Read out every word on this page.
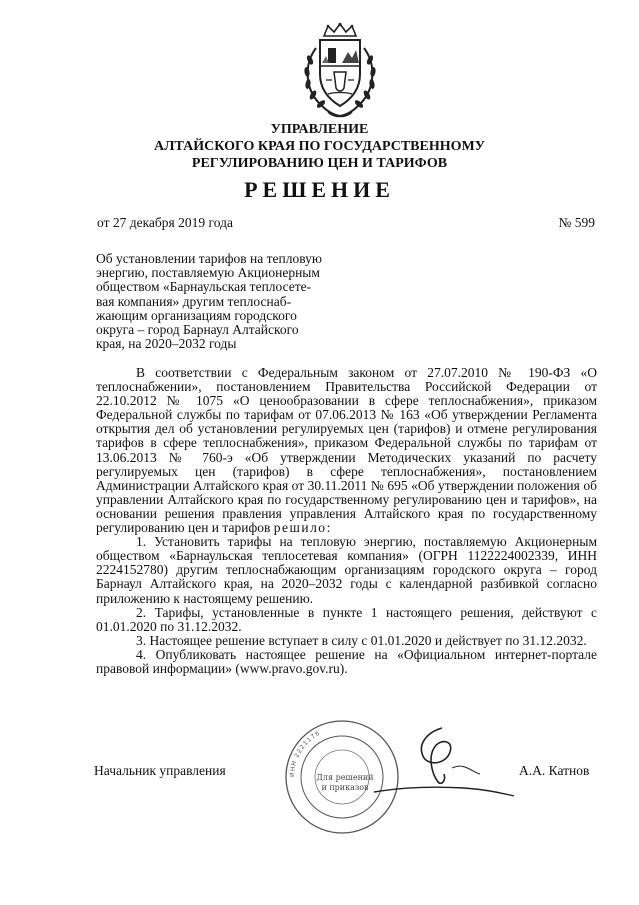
УПРАВЛЕНИЕ
АЛТАЙСКОГО КРАЯ ПО ГОСУДАРСТВЕННОМУ
РЕГУЛИРОВАНИЮ ЦЕН И ТАРИФОВ
РЕШЕНИЕ
от 27 декабря 2019 года	№ 599
Об установлении тарифов на тепловую
энергию, поставляемую Акционерным
обществом «Барнаульская теплосете-
вая компания» другим теплоснаб-
жающим организациям городского
округа – город Барнаул Алтайского
края, на 2020–2032 годы

В соответствии с Федеральным законом от 27.07.2010 № 190-ФЗ «О теплоснабжении», постановлением Правительства Российской Федерации от 22.10.2012 № 1075 «О ценообразовании в сфере теплоснабжения», приказом Федеральной службы по тарифам от 07.06.2013 № 163 «Об утверждении Регламента открытия дел об установлении регулируемых цен (тарифов) и отмене регулирования тарифов в сфере теплоснабжения», приказом Федеральной службы по тарифам от 13.06.2013 № 760-э «Об утверждении Методических указаний по расчету регулируемых цен (тарифов) в сфере теплоснабжения», постановлением Администрации Алтайского края от 30.11.2011 № 695 «Об утверждении положения об управлении Алтайского края по государственному регулированию цен и тарифов», на основании решения правления управления Алтайского края по государственному регулированию цен и тарифов решило:

1. Установить тарифы на тепловую энергию, поставляемую Акционерным обществом «Барнаульская теплосетевая компания» (ОГРН 1122224002339, ИНН 2224152780) другим теплоснабжающим организациям городского округа – город Барнаул Алтайского края, на 2020–2032 годы с календарной разбивкой согласно приложению к настоящему решению.

2. Тарифы, установленные в пункте 1 настоящего решения, действуют с 01.01.2020 по 31.12.2032.

3. Настоящее решение вступает в силу с 01.01.2020 и действует по 31.12.2032.

4. Опубликовать настоящее решение на «Официальном интернет-портале правовой информации» (www.pravo.gov.ru).

ИНН 2221176
Для решений
и приказов
Начальник управления	А.А. Катнов
